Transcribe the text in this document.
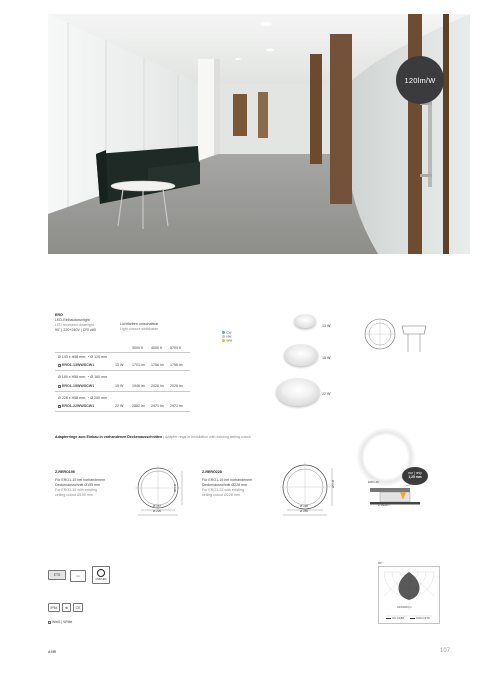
120lm/W
ERO
LED-Einbaudownlight
LED recessed downlight
90° | 220+240V | CRI ≥80
Lichtfarben umschaltbar
Light colours switchable
CW
NW
WW
3000 K 4000 K 5700 K
Ø 143 x H58 mm, ◔ Ø 120 mm
ERO1-13WWSCW1	13 W 1701 lm 1756 lm 1756 lm
Ø 190 x H58 mm, ◔ Ø 160 mm
ERO1-15WWSCW1	15 W 1946 lm 2026 lm 2026 lm
Ø 228 x H58 mm, ◔ Ø 200 mm
ERO1-22WWSCW1	22 W 2882 lm 2971 lm 2971 lm
13 W
15 W
22 W
Adapterringe zum Einbau in vorhandenen Deckenausschnitten | Adapter rings in installation with existing ceiling cutout
Z-RERO195
Für ERO1-15 bei vorhandenem
Deckenausschnitt Ø195 mm
For ERO1-15 with existing
ceiling cutout Ø195 mm
Ø 167
Ø 220
Ø 195
Z-RERO228
Für ERO1-15 bei vorhandenem
Deckenausschnitt Ø228 mm
For ERO1-22 with existing
ceiling cutout Ø228 mm
Ø 190
Ø 250
Ø 228
nur | only
1,25 mm
ERO-15
Z-RERO
ETS	▭
CSB LED
IP54	⊕	CE
Weiß | White
60°
cd/1000 lm
C0-C180	C90-C270
ASIR	107
